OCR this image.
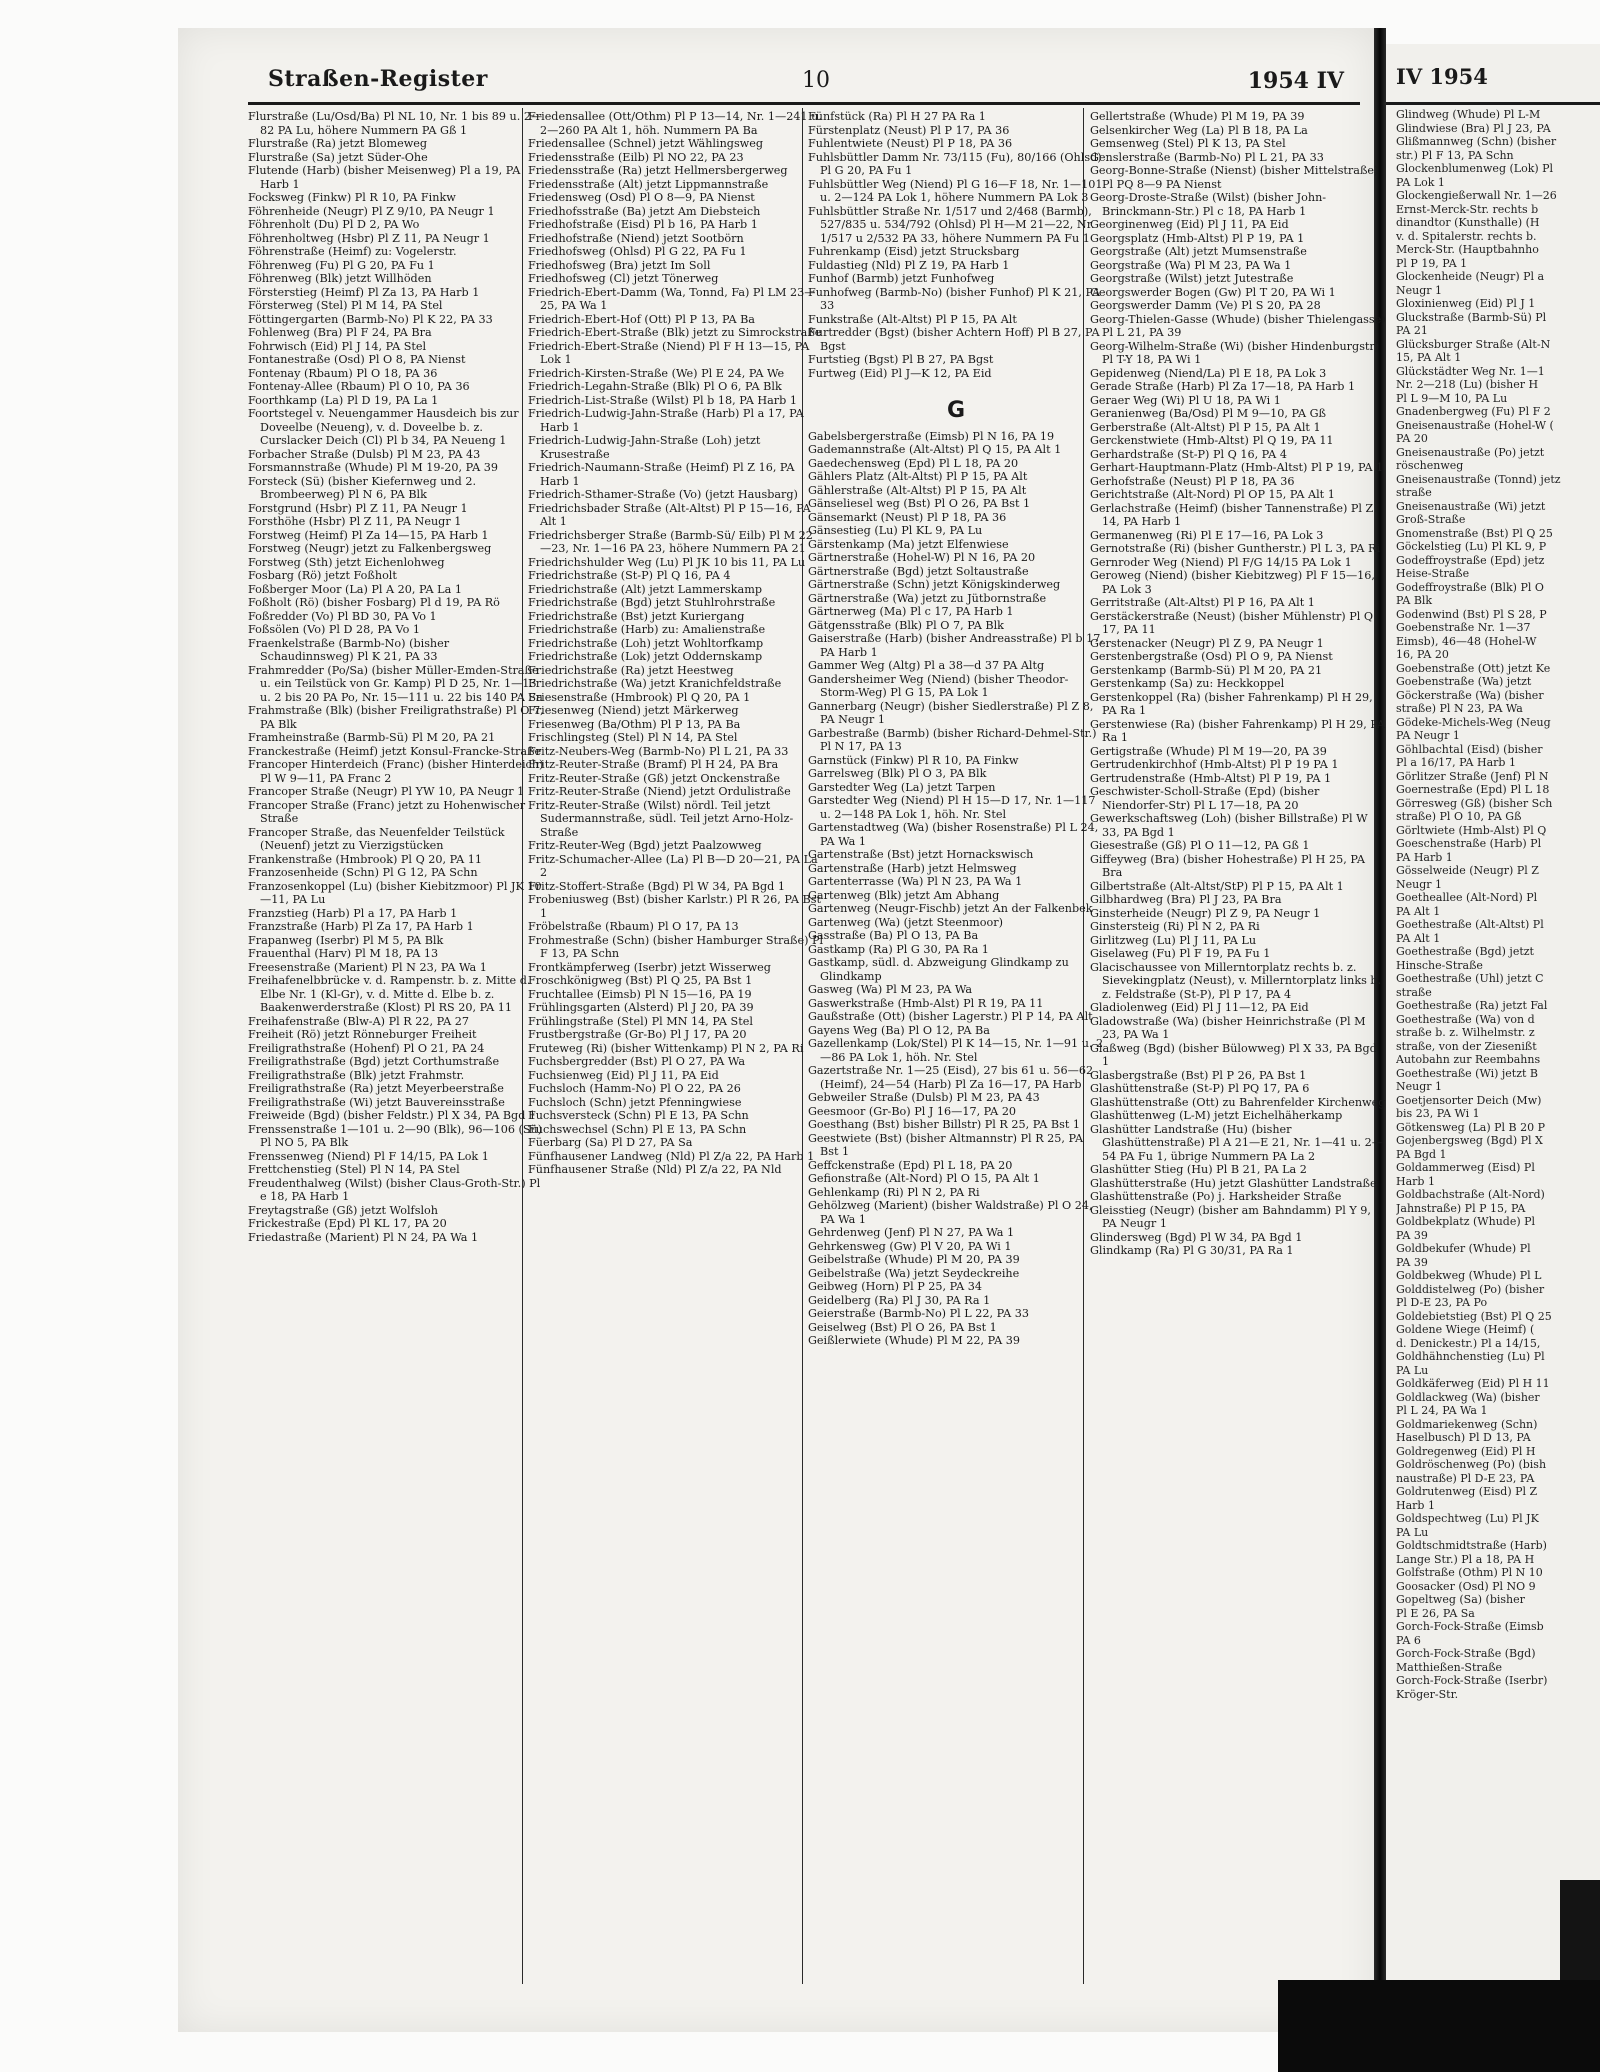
Straßen-Register	10	1954 IV

Flurstraße (Lu/Osd/Ba) Pl NL 10, Nr. 1 bis 89 u. 2—82 PA Lu, höhere Nummern PA Gß 1

Flurstraße (Ra) jetzt Blomeweg

Flurstraße (Sa) jetzt Süder-Ohe

Flutende (Harb) (bisher Meisenweg) Pl a 19, PA Harb 1

Focksweg (Finkw) Pl R 10, PA Finkw

Föhrenheide (Neugr) Pl Z 9/10, PA Neugr 1

Föhrenholt (Du) Pl D 2, PA Wo

Föhrenholtweg (Hsbr) Pl Z 11, PA Neugr 1

Föhrenstraße (Heimf) zu: Vogelerstr.

Föhrenweg (Fu) Pl G 20, PA Fu 1

Föhrenweg (Blk) jetzt Willhöden

Försterstieg (Heimf) Pl Za 13, PA Harb 1

Försterweg (Stel) Pl M 14, PA Stel

Föttingergarten (Barmb-No) Pl K 22, PA 33

Fohlenweg (Bra) Pl F 24, PA Bra

Fohrwisch (Eid) Pl J 14, PA Stel

Fontanestraße (Osd) Pl O 8, PA Nienst

Fontenay (Rbaum) Pl O 18, PA 36

Fontenay-Allee (Rbaum) Pl O 10, PA 36

Foorthkamp (La) Pl D 19, PA La 1

Foortstegel v. Neuengammer Hausdeich bis zur Doveelbe (Neueng), v. d. Doveelbe b. z. Curslacker Deich (Cl) Pl b 34, PA Neueng 1

Forbacher Straße (Dulsb) Pl M 23, PA 43

Forsmannstraße (Whude) Pl M 19-20, PA 39

Forsteck (Sü) (bisher Kiefernweg und 2. Brombeerweg) Pl N 6, PA Blk

Forstgrund (Hsbr) Pl Z 11, PA Neugr 1

Forsthöhe (Hsbr) Pl Z 11, PA Neugr 1

Forstweg (Heimf) Pl Za 14—15, PA Harb 1

Forstweg (Neugr) jetzt zu Falkenbergsweg

Forstweg (Sth) jetzt Eichenlohweg

Fosbarg (Rö) jetzt Foßholt

Foßberger Moor (La) Pl A 20, PA La 1

Foßholt (Rö) (bisher Fosbarg) Pl d 19, PA Rö

Foßredder (Vo) Pl BD 30, PA Vo 1

Foßsölen (Vo) Pl D 28, PA Vo 1

Fraenkelstraße (Barmb-No) (bisher Schaudinnsweg) Pl K 21, PA 33

Frahmredder (Po/Sa) (bisher Müller-Emden-Straße u. ein Teilstück von Gr. Kamp) Pl D 25, Nr. 1—13 u. 2 bis 20 PA Po, Nr. 15—111 u. 22 bis 140 PA Sa

Frahmstraße (Blk) (bisher Freiligrathstraße) Pl O 7, PA Blk

Framheinstraße (Barmb-Sü) Pl M 20, PA 21

Franckestraße (Heimf) jetzt Konsul-Francke-Straße

Francoper Hinterdeich (Franc) (bisher Hinterdeich) Pl W 9—11, PA Franc 2

Francoper Straße (Neugr) Pl YW 10, PA Neugr 1

Francoper Straße (Franc) jetzt zu Hohenwischer Straße

Francoper Straße, das Neuenfelder Teilstück (Neuenf) jetzt zu Vierzigstücken

Frankenstraße (Hmbrook) Pl Q 20, PA 11

Franzosenheide (Schn) Pl G 12, PA Schn

Franzosenkoppel (Lu) (bisher Kiebitzmoor) Pl JK 10—11, PA Lu

Franzstieg (Harb) Pl a 17, PA Harb 1

Franzstraße (Harb) Pl Za 17, PA Harb 1

Frapanweg (Iserbr) Pl M 5, PA Blk

Frauenthal (Harv) Pl M 18, PA 13

Freesenstraße (Marient) Pl N 23, PA Wa 1

Freihafenelbbrücke v. d. Rampenstr. b. z. Mitte d. Elbe Nr. 1 (Kl-Gr), v. d. Mitte d. Elbe b. z. Baakenwerderstraße (Klost) Pl RS 20, PA 11

Freihafenstraße (Blw-A) Pl R 22, PA 27

Freiheit (Rö) jetzt Rönneburger Freiheit

Freiligrathstraße (Hohenf) Pl O 21, PA 24

Freiligrathstraße (Bgd) jetzt Corthumstraße

Freiligrathstraße (Blk) jetzt Frahmstr.

Freiligrathstraße (Ra) jetzt Meyerbeerstraße

Freiligrathstraße (Wi) jetzt Bauvereinsstraße

Freiweide (Bgd) (bisher Feldstr.) Pl X 34, PA Bgd 1

Frenssenstraße 1—101 u. 2—90 (Blk), 96—106 (Sü) Pl NO 5, PA Blk

Frenssenweg (Niend) Pl F 14/15, PA Lok 1

Frettchenstieg (Stel) Pl N 14, PA Stel

Freudenthalweg (Wilst) (bisher Claus-Groth-Str.) Pl e 18, PA Harb 1

Freytagstraße (Gß) jetzt Wolfsloh

Frickestraße (Epd) Pl KL 17, PA 20

Friedastraße (Marient) Pl N 24, PA Wa 1

Friedensallee (Ott/Othm) Pl P 13—14, Nr. 1—241 u. 2—260 PA Alt 1, höh. Nummern PA Ba

Friedensallee (Schnel) jetzt Wählingsweg

Friedensstraße (Eilb) Pl NO 22, PA 23

Friedensstraße (Ra) jetzt Hellmersbergerweg

Friedensstraße (Alt) jetzt Lippmannstraße

Friedensweg (Osd) Pl O 8—9, PA Nienst

Friedhofsstraße (Ba) jetzt Am Diebsteich

Friedhofstraße (Eisd) Pl b 16, PA Harb 1

Friedhofstraße (Niend) jetzt Sootbörn

Friedhofsweg (Ohlsd) Pl G 22, PA Fu 1

Friedhofsweg (Bra) jetzt Im Soll

Friedhofsweg (Cl) jetzt Tönerweg

Friedrich-Ebert-Damm (Wa, Tonnd, Fa) Pl LM 23—25, PA Wa 1

Friedrich-Ebert-Hof (Ott) Pl P 13, PA Ba

Friedrich-Ebert-Straße (Blk) jetzt zu Simrockstraße

Friedrich-Ebert-Straße (Niend) Pl F H 13—15, PA Lok 1

Friedrich-Kirsten-Straße (We) Pl E 24, PA We

Friedrich-Legahn-Straße (Blk) Pl O 6, PA Blk

Friedrich-List-Straße (Wilst) Pl b 18, PA Harb 1

Friedrich-Ludwig-Jahn-Straße (Harb) Pl a 17, PA Harb 1

Friedrich-Ludwig-Jahn-Straße (Loh) jetzt Krusestraße

Friedrich-Naumann-Straße (Heimf) Pl Z 16, PA Harb 1

Friedrich-Sthamer-Straße (Vo) (jetzt Hausbarg)

Friedrichsbader Straße (Alt-Altst) Pl P 15—16, PA Alt 1

Friedrichsberger Straße (Barmb-Sü/ Eilb) Pl M 22—23, Nr. 1—16 PA 23, höhere Nummern PA 21

Friedrichshulder Weg (Lu) Pl JK 10 bis 11, PA Lu

Friedrichstraße (St-P) Pl Q 16, PA 4

Friedrichstraße (Alt) jetzt Lammerskamp

Friedrichstraße (Bgd) jetzt Stuhlrohrstraße

Friedrichstraße (Bst) jetzt Kuriergang

Friedrichstraße (Harb) zu: Amalienstraße

Friedrichstraße (Loh) jetzt Wohltorfkamp

Friedrichstraße (Lok) jetzt Oddernskamp

Friedrichstraße (Ra) jetzt Heestweg

Friedrichstraße (Wa) jetzt Kranichfeldstraße

Friesenstraße (Hmbrook) Pl Q 20, PA 1

Friesenweg (Niend) jetzt Märkerweg

Friesenweg (Ba/Othm) Pl P 13, PA Ba

Frischlingsteg (Stel) Pl N 14, PA Stel

Fritz-Neubers-Weg (Barmb-No) Pl L 21, PA 33

Fritz-Reuter-Straße (Bramf) Pl H 24, PA Bra

Fritz-Reuter-Straße (Gß) jetzt Onckenstraße

Fritz-Reuter-Straße (Niend) jetzt Ordulistraße

Fritz-Reuter-Straße (Wilst) nördl. Teil jetzt Sudermannstraße, südl. Teil jetzt Arno-Holz-Straße

Fritz-Reuter-Weg (Bgd) jetzt Paalzowweg

Fritz-Schumacher-Allee (La) Pl B—D 20—21, PA La 2

Fritz-Stoffert-Straße (Bgd) Pl W 34, PA Bgd 1

Frobeniusweg (Bst) (bisher Karlstr.) Pl R 26, PA Bst 1

Fröbelstraße (Rbaum) Pl O 17, PA 13

Frohmestraße (Schn) (bisher Hamburger Straße) Pl F 13, PA Schn

Frontkämpferweg (Iserbr) jetzt Wisserweg

Froschkönigweg (Bst) Pl Q 25, PA Bst 1

Fruchtallee (Eimsb) Pl N 15—16, PA 19

Frühlingsgarten (Alsterd) Pl J 20, PA 39

Frühlingstraße (Stel) Pl MN 14, PA Stel

Frustbergstraße (Gr-Bo) Pl J 17, PA 20

Fruteweg (Ri) (bisher Wittenkamp) Pl N 2, PA Ri

Fuchsbergredder (Bst) Pl O 27, PA Wa

Fuchsienweg (Eid) Pl J 11, PA Eid

Fuchsloch (Hamm-No) Pl O 22, PA 26

Fuchsloch (Schn) jetzt Pfenningwiese

Fuchsversteck (Schn) Pl E 13, PA Schn

Fuchswechsel (Schn) Pl E 13, PA Schn

Füerbarg (Sa) Pl D 27, PA Sa

Fünfhausener Landweg (Nld) Pl Z/a 22, PA Harb 1

Fünfhausener Straße (Nld) Pl Z/a 22, PA Nld

Fünfstück (Ra) Pl H 27 PA Ra 1

Fürstenplatz (Neust) Pl P 17, PA 36

Fuhlentwiete (Neust) Pl P 18, PA 36

Fuhlsbüttler Damm Nr. 73/115 (Fu), 80/166 (Ohlsd) Pl G 20, PA Fu 1

Fuhlsbüttler Weg (Niend) Pl G 16—F 18, Nr. 1—101 u. 2—124 PA Lok 1, höhere Nummern PA Lok 3

Fuhlsbüttler Straße Nr. 1/517 und 2/468 (Barmb), 527/835 u. 534/792 (Ohlsd) Pl H—M 21—22, Nr. 1/517 u 2/532 PA 33, höhere Nummern PA Fu 1

Fuhrenkamp (Eisd) jetzt Strucksbarg

Fuldastieg (Nld) Pl Z 19, PA Harb 1

Funhof (Barmb) jetzt Funhofweg

Funhofweg (Barmb-No) (bisher Funhof) Pl K 21, PA 33

Funkstraße (Alt-Altst) Pl P 15, PA Alt

Furtredder (Bgst) (bisher Achtern Hoff) Pl B 27, PA Bgst

Furtstieg (Bgst) Pl B 27, PA Bgst

Furtweg (Eid) Pl J—K 12, PA Eid

G

Gabelsbergerstraße (Eimsb) Pl N 16, PA 19

Gademannstraße (Alt-Altst) Pl Q 15, PA Alt 1

Gaedechensweg (Epd) Pl L 18, PA 20

Gählers Platz (Alt-Altst) Pl P 15, PA Alt

Gählerstraße (Alt-Altst) Pl P 15, PA Alt

Gänseliesel weg (Bst) Pl O 26, PA Bst 1

Gänsemarkt (Neust) Pl P 18, PA 36

Gänsestieg (Lu) Pl KL 9, PA Lu

Gärstenkamp (Ma) jetzt Elfenwiese

Gärtnerstraße (Hohel-W) Pl N 16, PA 20

Gärtnerstraße (Bgd) jetzt Soltaustraße

Gärtnerstraße (Schn) jetzt Königskinderweg

Gärtnerstraße (Wa) jetzt zu Jütbornstraße

Gärtnerweg (Ma) Pl c 17, PA Harb 1

Gätgensstraße (Blk) Pl O 7, PA Blk

Gaiserstraße (Harb) (bisher Andreasstraße) Pl b 17, PA Harb 1

Gammer Weg (Altg) Pl a 38—d 37 PA Altg

Gandersheimer Weg (Niend) (bisher Theodor-Storm-Weg) Pl G 15, PA Lok 1

Gannerbarg (Neugr) (bisher Siedlerstraße) Pl Z 8, PA Neugr 1

Garbestraße (Barmb) (bisher Richard-Dehmel-Str.) Pl N 17, PA 13

Garnstück (Finkw) Pl R 10, PA Finkw

Garrelsweg (Blk) Pl O 3, PA Blk

Garstedter Weg (La) jetzt Tarpen

Garstedter Weg (Niend) Pl H 15—D 17, Nr. 1—117 u. 2—148 PA Lok 1, höh. Nr. Stel

Gartenstadtweg (Wa) (bisher Rosenstraße) Pl L 24, PA Wa 1

Gartenstraße (Bst) jetzt Hornackswisch

Gartenstraße (Harb) jetzt Helmsweg

Gartenterrasse (Wa) Pl N 23, PA Wa 1

Gartenweg (Blk) jetzt Am Abhang

Gartenweg (Neugr-Fischb) jetzt An der Falkenbek

Gartenweg (Wa) (jetzt Steenmoor)

Gasstraße (Ba) Pl O 13, PA Ba

Gastkamp (Ra) Pl G 30, PA Ra 1

Gastkamp, südl. d. Abzweigung Glindkamp zu Glindkamp

Gasweg (Wa) Pl M 23, PA Wa

Gaswerkstraße (Hmb-Alst) Pl R 19, PA 11

Gaußstraße (Ott) (bisher Lagerstr.) Pl P 14, PA Alt

Gayens Weg (Ba) Pl O 12, PA Ba

Gazellenkamp (Lok/Stel) Pl K 14—15, Nr. 1—91 u. 2—86 PA Lok 1, höh. Nr. Stel

Gazertstraße Nr. 1—25 (Eisd), 27 bis 61 u. 56—62 (Heimf), 24—54 (Harb) Pl Za 16—17, PA Harb

Gebweiler Straße (Dulsb) Pl M 23, PA 43

Geesmoor (Gr-Bo) Pl J 16—17, PA 20

Goesthang (Bst) bisher Billstr) Pl R 25, PA Bst 1

Geestwiete (Bst) (bisher Altmannstr) Pl R 25, PA Bst 1

Geffckenstraße (Epd) Pl L 18, PA 20

Gefionstraße (Alt-Nord) Pl O 15, PA Alt 1

Gehlenkamp (Ri) Pl N 2, PA Ri

Gehölzweg (Marient) (bisher Waldstraße) Pl O 24, PA Wa 1

Gehrdenweg (Jenf) Pl N 27, PA Wa 1

Gehrkensweg (Gw) Pl V 20, PA Wi 1

Geibelstraße (Whude) Pl M 20, PA 39

Geibelstraße (Wa) jetzt Seydeckreihe

Geibweg (Horn) Pl P 25, PA 34

Geidelberg (Ra) Pl J 30, PA Ra 1

Geierstraße (Barmb-No) Pl L 22, PA 33

Geiselweg (Bst) Pl O 26, PA Bst 1

Geißlerwiete (Whude) Pl M 22, PA 39

Gellertstraße (Whude) Pl M 19, PA 39

Gelsenkircher Weg (La) Pl B 18, PA La

Gemsenweg (Stel) Pl K 13, PA Stel

Genslerstraße (Barmb-No) Pl L 21, PA 33

Georg-Bonne-Straße (Nienst) (bisher Mittelstraße) Pl PQ 8—9 PA Nienst

Georg-Droste-Straße (Wilst) (bisher John-Brinckmann-Str.) Pl c 18, PA Harb 1

Georginenweg (Eid) Pl J 11, PA Eid

Georgsplatz (Hmb-Altst) Pl P 19, PA 1

Georgstraße (Alt) jetzt Mumsenstraße

Georgstraße (Wa) Pl M 23, PA Wa 1

Georgstraße (Wilst) jetzt Jutestraße

Georgswerder Bogen (Gw) Pl T 20, PA Wi 1

Georgswerder Damm (Ve) Pl S 20, PA 28

Georg-Thielen-Gasse (Whude) (bisher Thielengasse) Pl L 21, PA 39

Georg-Wilhelm-Straße (Wi) (bisher Hindenburgstr) Pl T-Y 18, PA Wi 1

Gepidenweg (Niend/La) Pl E 18, PA Lok 3

Gerade Straße (Harb) Pl Za 17—18, PA Harb 1

Geraer Weg (Wi) Pl U 18, PA Wi 1

Geranienweg (Ba/Osd) Pl M 9—10, PA Gß

Gerberstraße (Alt-Altst) Pl P 15, PA Alt 1

Gerckenstwiete (Hmb-Altst) Pl Q 19, PA 11

Gerhardstraße (St-P) Pl Q 16, PA 4

Gerhart-Hauptmann-Platz (Hmb-Altst) Pl P 19, PA 1

Gerhofstraße (Neust) Pl P 18, PA 36

Gerichtstraße (Alt-Nord) Pl OP 15, PA Alt 1

Gerlachstraße (Heimf) (bisher Tannenstraße) Pl Z 14, PA Harb 1

Germanenweg (Ri) Pl E 17—16, PA Lok 3

Gernotstraße (Ri) (bisher Guntherstr.) Pl L 3, PA Ri

Gernroder Weg (Niend) Pl F/G 14/15 PA Lok 1

Geroweg (Niend) (bisher Kiebitzweg) Pl F 15—16, PA Lok 3

Gerritstraße (Alt-Altst) Pl P 16, PA Alt 1

Gerstäckerstraße (Neust) (bisher Mühlenstr) Pl Q 17, PA 11

Gerstenacker (Neugr) Pl Z 9, PA Neugr 1

Gerstenbergstraße (Osd) Pl O 9, PA Nienst

Gerstenkamp (Barmb-Sü) Pl M 20, PA 21

Gerstenkamp (Sa) zu: Heckkoppel

Gerstenkoppel (Ra) (bisher Fahrenkamp) Pl H 29, PA Ra 1

Gerstenwiese (Ra) (bisher Fahrenkamp) Pl H 29, PA Ra 1

Gertigstraße (Whude) Pl M 19—20, PA 39

Gertrudenkirchhof (Hmb-Altst) Pl P 19 PA 1

Gertrudenstraße (Hmb-Altst) Pl P 19, PA 1

Geschwister-Scholl-Straße (Epd) (bisher Niendorfer-Str) Pl L 17—18, PA 20

Gewerkschaftsweg (Loh) (bisher Billstraße) Pl W 33, PA Bgd 1

Giesestraße (Gß) Pl O 11—12, PA Gß 1

Giffeyweg (Bra) (bisher Hohestraße) Pl H 25, PA Bra

Gilbertstraße (Alt-Altst/StP) Pl P 15, PA Alt 1

Gilbhardweg (Bra) Pl J 23, PA Bra

Ginsterheide (Neugr) Pl Z 9, PA Neugr 1

Ginstersteig (Ri) Pl N 2, PA Ri

Girlitzweg (Lu) Pl J 11, PA Lu

Giselaweg (Fu) Pl F 19, PA Fu 1

Glacischaussee von Millerntorplatz rechts b. z. Sievekingplatz (Neust), v. Millerntorplatz links b. z. Feldstraße (St-P), Pl P 17, PA 4

Gladiolenweg (Eid) Pl J 11—12, PA Eid

Gladowstraße (Wa) (bisher Heinrichstraße (Pl M 23, PA Wa 1

Glaßweg (Bgd) (bisher Bülowweg) Pl X 33, PA Bgd 1

Glasbergstraße (Bst) Pl P 26, PA Bst 1

Glashüttenstraße (St-P) Pl PQ 17, PA 6

Glashüttenstraße (Ott) zu Bahrenfelder Kirchenweg

Glashüttenweg (L-M) jetzt Eichelhäherkamp

Glashütter Landstraße (Hu) (bisher Glashüttenstraße) Pl A 21—E 21, Nr. 1—41 u. 2—54 PA Fu 1, übrige Nummern PA La 2

Glashütter Stieg (Hu) Pl B 21, PA La 2

Glashütterstraße (Hu) jetzt Glashütter Landstraße

Glashüttenstraße (Po) j. Harksheider Straße

Gleisstieg (Neugr) (bisher am Bahndamm) Pl Y 9, PA Neugr 1

Glindersweg (Bgd) Pl W 34, PA Bgd 1

Glindkamp (Ra) Pl G 30/31, PA Ra 1

IV 1954

Glindweg (Whude) Pl L-M

Glindwiese (Bra) Pl J 23, PA

Glißmannweg (Schn) (bisher

str.) Pl F 13, PA Schn

Glockenblumenweg (Lok) Pl

PA Lok 1

Glockengießerwall Nr. 1—26

Ernst-Merck-Str. rechts b

dinandtor (Kunsthalle) (H

v. d. Spitalerstr. rechts b.

Merck-Str. (Hauptbahnho

Pl P 19, PA 1

Glockenheide (Neugr) Pl a

Neugr 1

Gloxinienweg (Eid) Pl J 1

Gluckstraße (Barmb-Sü) Pl

PA 21

Glücksburger Straße (Alt-N

15, PA Alt 1

Glückstädter Weg Nr. 1—1

Nr. 2—218 (Lu) (bisher H

Pl L 9—M 10, PA Lu

Gnadenbergweg (Fu) Pl F 2

Gneisenaustraße (Hohel-W (

PA 20

Gneisenaustraße (Po) jetzt

röschenweg

Gneisenaustraße (Tonnd) jetz

straße

Gneisenaustraße (Wi) jetzt

Groß-Straße

Gnomenstraße (Bst) Pl Q 25

Göckelstieg (Lu) Pl KL 9, P

Godeffroystraße (Epd) jetz

Heise-Straße

Godeffroystraße (Blk) Pl O

PA Blk

Godenwind (Bst) Pl S 28, P

Goebenstraße Nr. 1—37

Eimsb), 46—48 (Hohel-W

16, PA 20

Goebenstraße (Ott) jetzt Ke

Goebenstraße (Wa) jetzt

Göckerstraße (Wa) (bisher

straße) Pl N 23, PA Wa

Gödeke-Michels-Weg (Neug

PA Neugr 1

Göhlbachtal (Eisd) (bisher

Pl a 16/17, PA Harb 1

Görlitzer Straße (Jenf) Pl N

Goernestraße (Epd) Pl L 18

Görresweg (Gß) (bisher Sch

straße) Pl O 10, PA Gß

Görltwiete (Hmb-Alst) Pl Q

Goeschenstraße (Harb) Pl

PA Harb 1

Gösselweide (Neugr) Pl Z

Neugr 1

Goetheallee (Alt-Nord) Pl

PA Alt 1

Goethestraße (Alt-Altst) Pl

PA Alt 1

Goethestraße (Bgd) jetzt

Hinsche-Straße

Goethestraße (Uhl) jetzt C

straße

Goethestraße (Ra) jetzt Fal

Goethestraße (Wa) von d

straße b. z. Wilhelmstr. z

straße, von der Ziesenißt

Autobahn zur Reembahns

Goethestraße (Wi) jetzt B

Neugr 1

Goetjensorter Deich (Mw)

bis 23, PA Wi 1

Götkensweg (La) Pl B 20 P

Gojenbergsweg (Bgd) Pl X

PA Bgd 1

Goldammerweg (Eisd) Pl

Harb 1

Goldbachstraße (Alt-Nord)

Jahnstraße) Pl P 15, PA

Goldbekplatz (Whude) Pl

PA 39

Goldbekufer (Whude) Pl

PA 39

Goldbekweg (Whude) Pl L

Golddistelweg (Po) (bisher

Pl D-E 23, PA Po

Goldebietstieg (Bst) Pl Q 25

Goldene Wiege (Heimf) (

d. Denickestr.) Pl a 14/15,

Goldhähnchenstieg (Lu) Pl

PA Lu

Goldkäferweg (Eid) Pl H 11

Goldlackweg (Wa) (bisher

Pl L 24, PA Wa 1

Goldmariekenweg (Schn)

Haselbusch) Pl D 13, PA

Goldregenweg (Eid) Pl H

Goldröschenweg (Po) (bish

naustraße) Pl D-E 23, PA

Goldrutenweg (Eisd) Pl Z

Harb 1

Goldspechtweg (Lu) Pl JK

PA Lu

Goldtschmidtstraße (Harb)

Lange Str.) Pl a 18, PA H

Golfstraße (Othm) Pl N 10

Goosacker (Osd) Pl NO 9

Gopeltweg (Sa) (bisher

Pl E 26, PA Sa

Gorch-Fock-Straße (Eimsb

PA 6

Gorch-Fock-Straße (Bgd)

Matthießen-Straße

Gorch-Fock-Straße (Iserbr)

Kröger-Str.
